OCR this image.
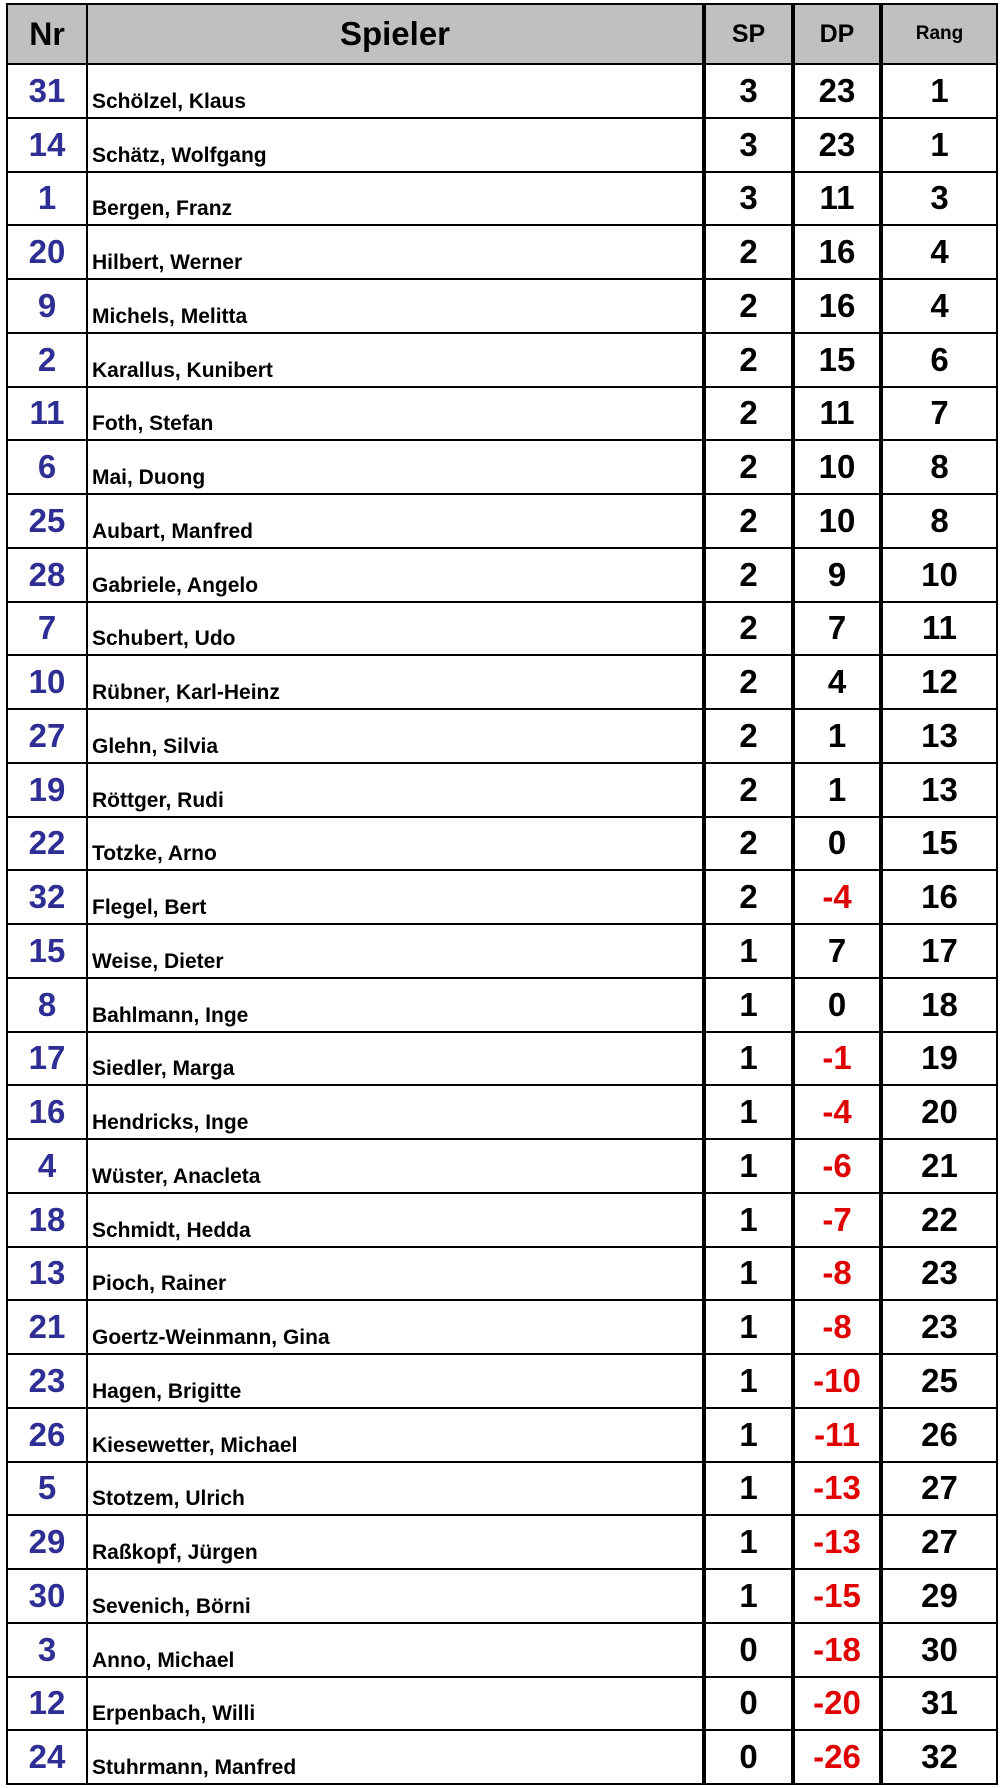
Nr	Spieler	SP	DP	Rang
31	Schölzel, Klaus	3	23	1
14	Schätz, Wolfgang	3	23	1
1	Bergen, Franz	3	11	3
20	Hilbert, Werner	2	16	4
9	Michels, Melitta	2	16	4
2	Karallus, Kunibert	2	15	6
11	Foth, Stefan	2	11	7
6	Mai, Duong	2	10	8
25	Aubart, Manfred	2	10	8
28	Gabriele, Angelo	2	9	10
7	Schubert, Udo	2	7	11
10	Rübner, Karl-Heinz	2	4	12
27	Glehn, Silvia	2	1	13
19	Röttger, Rudi	2	1	13
22	Totzke, Arno	2	0	15
32	Flegel, Bert	2	-4	16
15	Weise, Dieter	1	7	17
8	Bahlmann, Inge	1	0	18
17	Siedler, Marga	1	-1	19
16	Hendricks, Inge	1	-4	20
4	Wüster, Anacleta	1	-6	21
18	Schmidt, Hedda	1	-7	22
13	Pioch, Rainer	1	-8	23
21	Goertz-Weinmann, Gina	1	-8	23
23	Hagen, Brigitte	1	-10	25
26	Kiesewetter, Michael	1	-11	26
5	Stotzem, Ulrich	1	-13	27
29	Raßkopf, Jürgen	1	-13	27
30	Sevenich, Börni	1	-15	29
3	Anno, Michael	0	-18	30
12	Erpenbach, Willi	0	-20	31
24	Stuhrmann, Manfred	0	-26	32
